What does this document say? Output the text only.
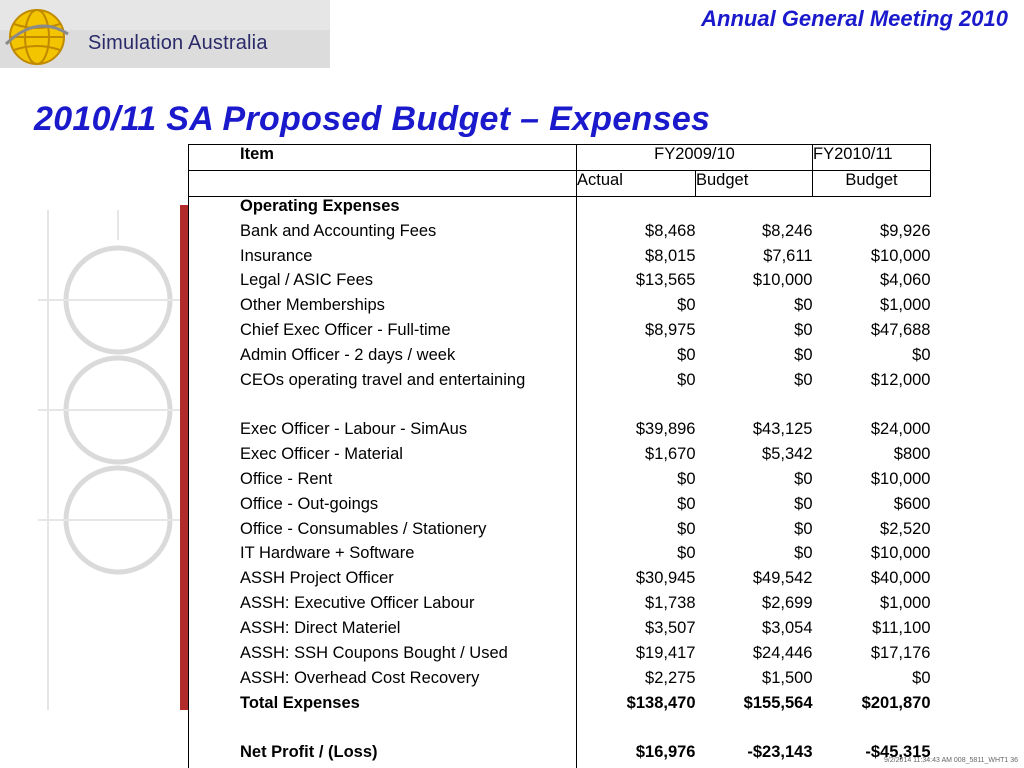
Simulation Australia
Annual General Meeting 2010
2010/11 SA Proposed Budget – Expenses
Item	FY2009/10		FY2010/11
	Actual	Budget	Budget
Operating Expenses			
Bank and Accounting Fees	$8,468	$8,246	$9,926
Insurance	$8,015	$7,611	$10,000
Legal / ASIC Fees	$13,565	$10,000	$4,060
Other Memberships	$0	$0	$1,000
Chief Exec Officer - Full-time	$8,975	$0	$47,688
Admin Officer - 2 days / week	$0	$0	$0
CEOs operating travel and entertaining	$0	$0	$12,000
Exec Officer - Labour - SimAus	$39,896	$43,125	$24,000
Exec Officer - Material	$1,670	$5,342	$800
Office - Rent	$0	$0	$10,000
Office - Out-goings	$0	$0	$600
Office - Consumables / Stationery	$0	$0	$2,520
IT Hardware + Software	$0	$0	$10,000
ASSH Project Officer	$30,945	$49,542	$40,000
ASSH: Executive Officer Labour	$1,738	$2,699	$1,000
ASSH: Direct Materiel	$3,507	$3,054	$11,100
ASSH: SSH Coupons Bought / Used	$19,417	$24,446	$17,176
ASSH: Overhead Cost Recovery	$2,275	$1,500	$0
Total Expenses	$138,470	$155,564	$201,870

Net Profit / (Loss)	$16,976	-$23,143	-$45,315
9/2/2014 11:34:43 AM 008_5811_WHT1 36
